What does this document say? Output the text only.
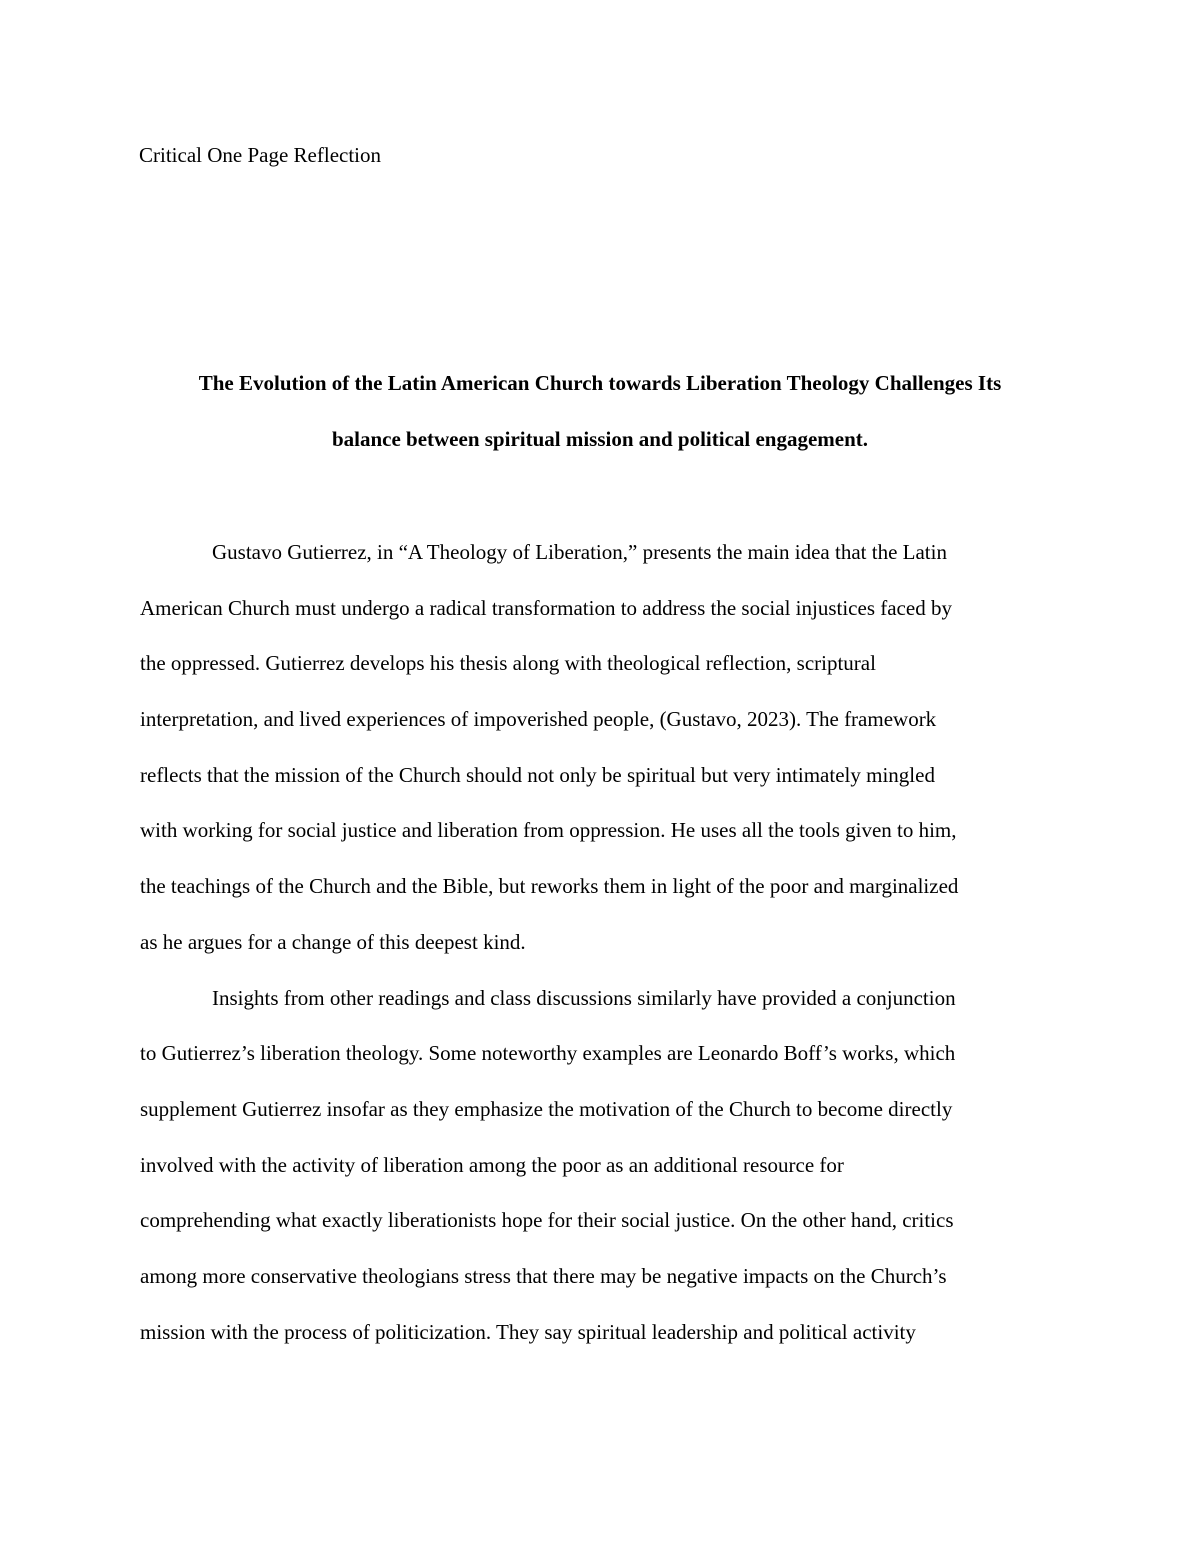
Critical One Page Reflection
The Evolution of the Latin American Church towards Liberation Theology Challenges Its
balance between spiritual mission and political engagement.
Gustavo Gutierrez, in “A Theology of Liberation,” presents the main idea that the Latin
American Church must undergo a radical transformation to address the social injustices faced by
the oppressed. Gutierrez develops his thesis along with theological reflection, scriptural
interpretation, and lived experiences of impoverished people, (Gustavo, 2023). The framework
reflects that the mission of the Church should not only be spiritual but very intimately mingled
with working for social justice and liberation from oppression. He uses all the tools given to him,
the teachings of the Church and the Bible, but reworks them in light of the poor and marginalized
as he argues for a change of this deepest kind.
Insights from other readings and class discussions similarly have provided a conjunction
to Gutierrez’s liberation theology. Some noteworthy examples are Leonardo Boff’s works, which
supplement Gutierrez insofar as they emphasize the motivation of the Church to become directly
involved with the activity of liberation among the poor as an additional resource for
comprehending what exactly liberationists hope for their social justice. On the other hand, critics
among more conservative theologians stress that there may be negative impacts on the Church’s
mission with the process of politicization. They say spiritual leadership and political activity
